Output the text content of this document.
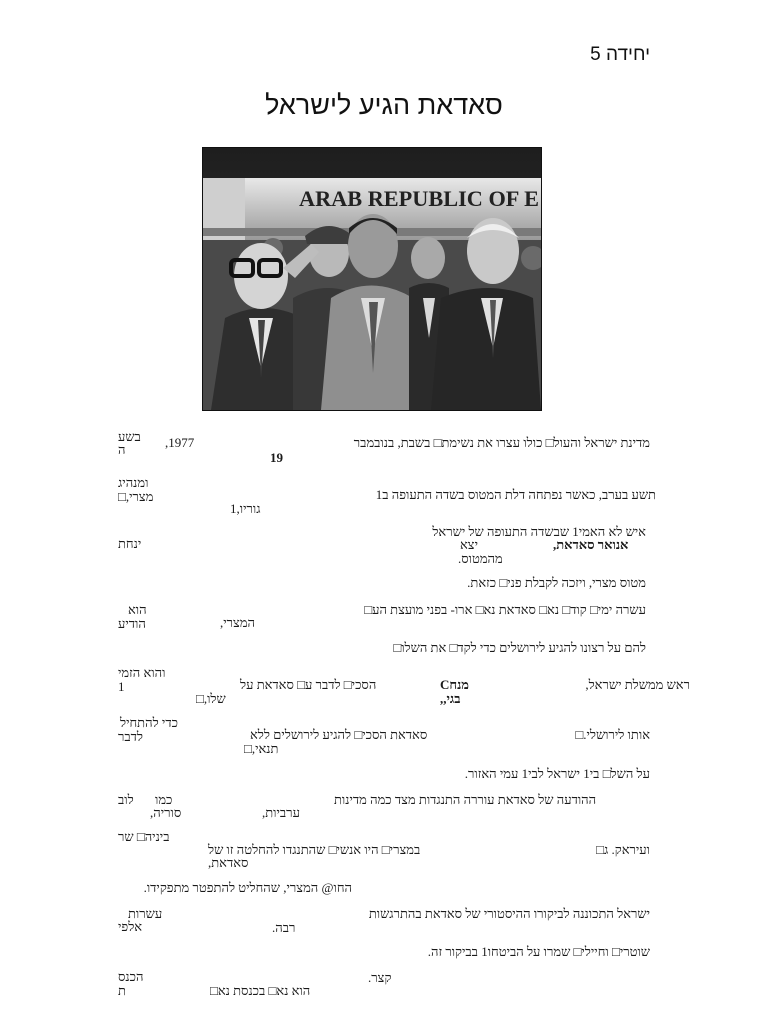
יחידה 5
סאדאת הגיע לישראל
ARAB REPUBLIC OF E
בשע
ה	1977,	מדינת ישראל והעול□ כולו עצרו את נשימת□ בשבת, בנובמבר
19
ומנהיג
מצרי,□	תשע בערב, כאשר נפתחה דלת המטוס בשדה התעופה ב1
גוריו,1
איש לא האמי1 שבשדה התעופה של ישראל
ינחת	אנואר סאדאת,
יצא
מהמטוס.
מטוס מצרי, ויזכה לקבלת פני□ כזאת.
הוא	עשרה ימי□ קוד□ נא□ סאדאת נא□ ארו- בפני מועצת הע□
המצרי,
הודיע
להם על רצונו להגיע לירושלים כדי לקד□ את השלו□
והוא הזמי
1	ראש ממשלת ישראל,
מנחC
הסכי□ לדבר ע□ סאדאת על
בגי,,
שלו,□
כדי להתחיל
לדבר	אותו לירושלי.□
סאדאת הסכי□ להגיע לירושלים ללא
תנאי,□
על השל□ בי1 ישראל לבי1 עמי האזור.
ההודעה של סאדאת עוררה התנגדות מצד כמה מדינות
כמו
לוב
ערביות,
סוריה,
ביניה□ שר
ועיראק. ג□
במצרי□ היו אנשי□ שהתנגדו להחלטה זו של
סאדאת,
החו@ המצרי, שהחליט להתפטר מתפקידו.
עשרות	ישראל התכוננה לביקורו ההיסטורי של סאדאת בהתרגשות
אלפי	רבה.
שוטרי□ וחיילי□ שמרו על הביטחו1 בביקור זה.
הכנס
ת
קצר.
הוא נא□ בכנסת נא□
